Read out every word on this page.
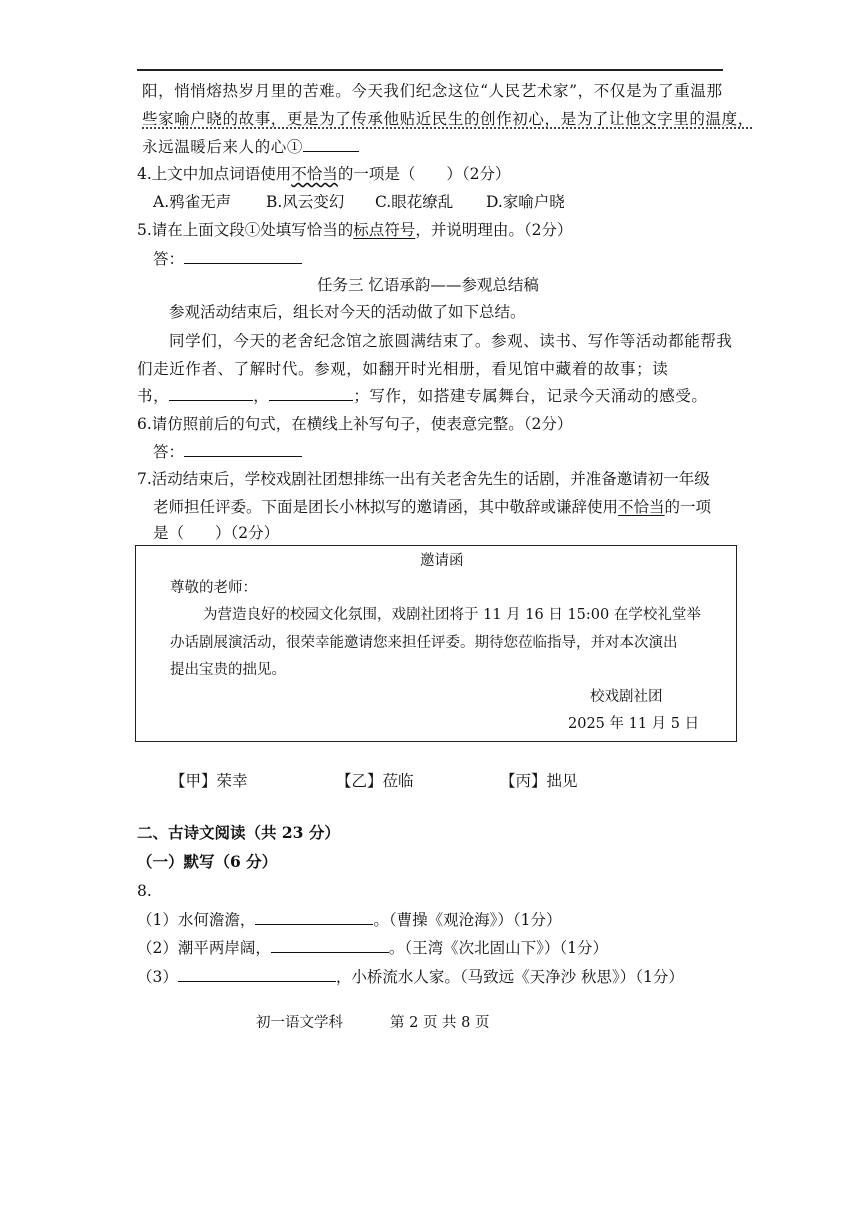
阳，悄悄熔热岁月里的苦难。今天我们纪念这位“人民艺术家”，不仅是为了重温那
些家喻户晓的故事，更是为了传承他贴近民生的创作初心，是为了让他文字里的温度，
永远温暖后来人的心①
4.上文中加点词语使用不恰当的一项是（　　）（2分）
A.鸦雀无声 B.风云变幻 C.眼花缭乱 D.家喻户晓
5.请在上面文段①处填写恰当的标点符号，并说明理由。（2分）
答：
任务三 忆语承韵——参观总结稿
参观活动结束后，组长对今天的活动做了如下总结。
同学们，今天的老舍纪念馆之旅圆满结束了。参观、读书、写作等活动都能帮我
们走近作者、了解时代。参观，如翻开时光相册，看见馆中藏着的故事；读
书，	，	；写作，如搭建专属舞台，记录今天涌动的感受。
6.请仿照前后的句式，在横线上补写句子，使表意完整。（2分）
答：
7.活动结束后，学校戏剧社团想排练一出有关老舍先生的话剧，并准备邀请初一年级
老师担任评委。下面是团长小林拟写的邀请函，其中敬辞或谦辞使用不恰当的一项
是（　　）（2分）
邀请函
尊敬的老师：
为营造良好的校园文化氛围，戏剧社团将于 11 月 16 日 15:00 在学校礼堂举
办话剧展演活动，很荣幸能邀请您来担任评委。期待您莅临指导，并对本次演出
提出宝贵的拙见。
校戏剧社团
2025 年 11 月 5 日
【甲】荣幸	【乙】莅临	【丙】拙见
二、古诗文阅读（共 23 分）
（一）默写（6 分）
8.
（1）水何澹澹，	。（曹操《观沧海》）（1分）
（2）潮平两岸阔，	。（王湾《次北固山下》）（1分）
（3）	，小桥流水人家。（马致远《天净沙 秋思》）（1分）
初一语文学科	第 2 页 共 8 页
